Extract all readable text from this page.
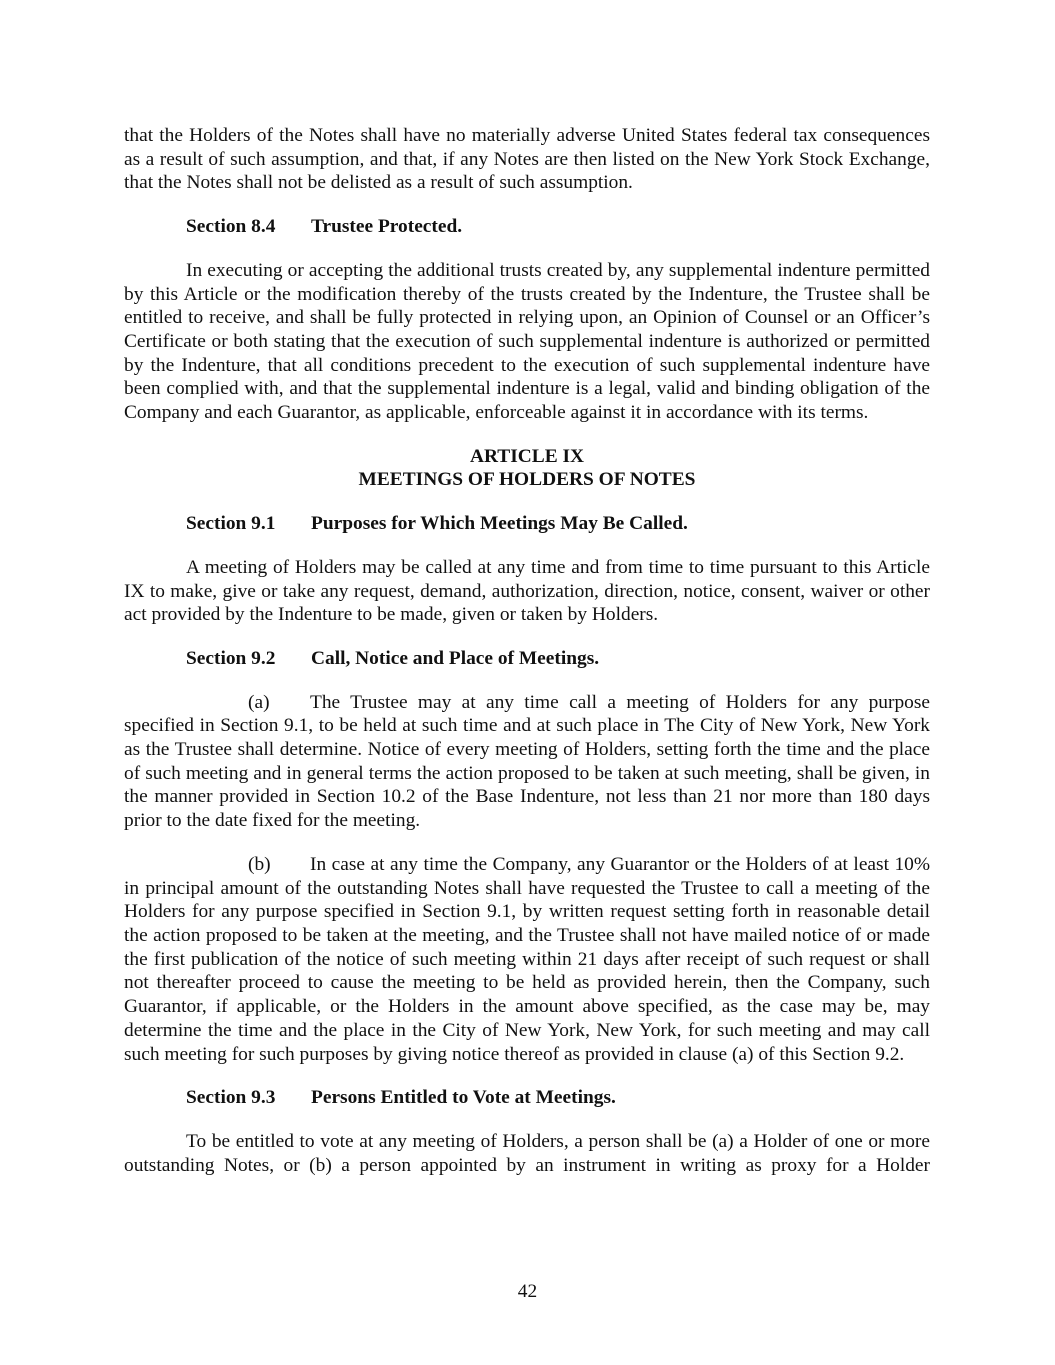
that the Holders of the Notes shall have no materially adverse United States federal tax consequences as a result of such assumption, and that, if any Notes are then listed on the New York Stock Exchange, that the Notes shall not be delisted as a result of such assumption.

Section 8.4 Trustee Protected.

In executing or accepting the additional trusts created by, any supplemental indenture permitted by this Article or the modification thereby of the trusts created by the Indenture, the Trustee shall be entitled to receive, and shall be fully protected in relying upon, an Opinion of Counsel or an Officer’s Certificate or both stating that the execution of such supplemental indenture is authorized or permitted by the Indenture, that all conditions precedent to the execution of such supplemental indenture have been complied with, and that the supplemental indenture is a legal, valid and binding obligation of the Company and each Guarantor, as applicable, enforceable against it in accordance with its terms.

ARTICLE IX
MEETINGS OF HOLDERS OF NOTES
Section 9.1 Purposes for Which Meetings May Be Called.

A meeting of Holders may be called at any time and from time to time pursuant to this Article IX to make, give or take any request, demand, authorization, direction, notice, consent, waiver or other act provided by the Indenture to be made, given or taken by Holders.

Section 9.2 Call, Notice and Place of Meetings.

(a) The Trustee may at any time call a meeting of Holders for any purpose specified in Section 9.1, to be held at such time and at such place in The City of New York, New York as the Trustee shall determine. Notice of every meeting of Holders, setting forth the time and the place of such meeting and in general terms the action proposed to be taken at such meeting, shall be given, in the manner provided in Section 10.2 of the Base Indenture, not less than 21 nor more than 180 days prior to the date fixed for the meeting.

(b) In case at any time the Company, any Guarantor or the Holders of at least 10% in principal amount of the outstanding Notes shall have requested the Trustee to call a meeting of the Holders for any purpose specified in Section 9.1, by written request setting forth in reasonable detail the action proposed to be taken at the meeting, and the Trustee shall not have mailed notice of or made the first publication of the notice of such meeting within 21 days after receipt of such request or shall not thereafter proceed to cause the meeting to be held as provided herein, then the Company, such Guarantor, if applicable, or the Holders in the amount above specified, as the case may be, may determine the time and the place in the City of New York, New York, for such meeting and may call such meeting for such purposes by giving notice thereof as provided in clause (a) of this Section 9.2.

Section 9.3 Persons Entitled to Vote at Meetings.

To be entitled to vote at any meeting of Holders, a person shall be (a) a Holder of one or more outstanding Notes, or (b) a person appointed by an instrument in writing as proxy for a Holder

42
